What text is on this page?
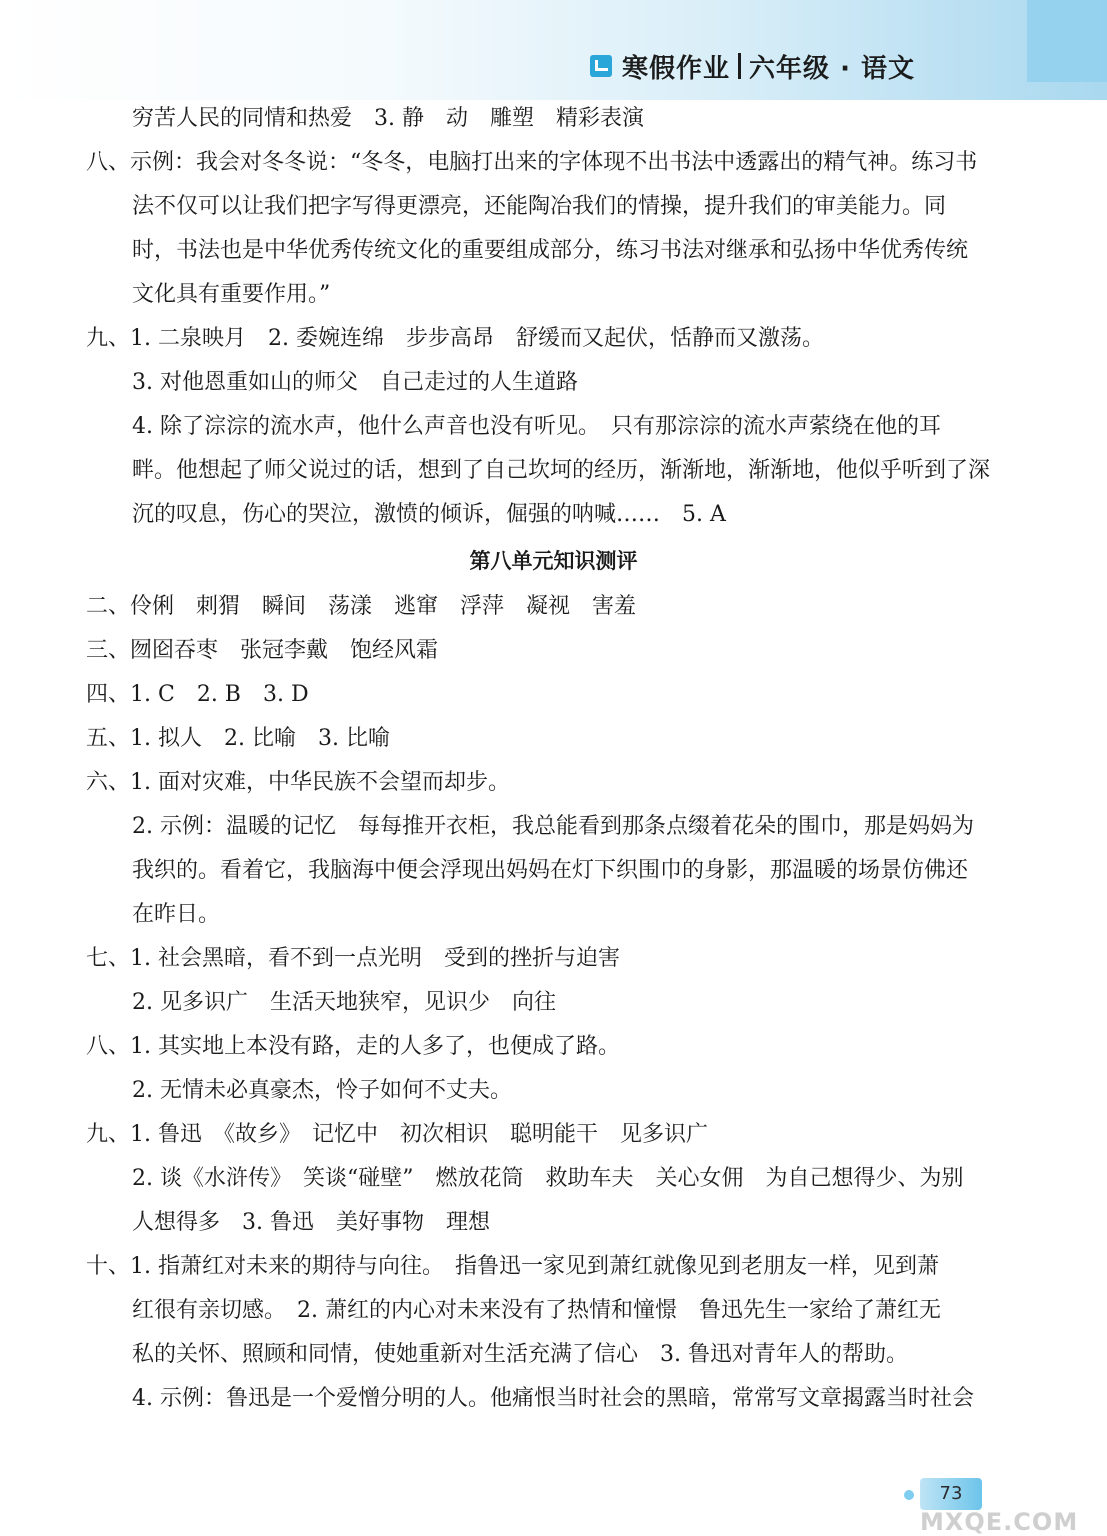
寒假作业 六年级 · 语文
穷苦人民的同情和热爱　3. 静　动　雕塑　精彩表演
八、示例：我会对冬冬说：“冬冬，电脑打出来的字体现不出书法中透露出的精气神。练习书
法不仅可以让我们把字写得更漂亮，还能陶冶我们的情操，提升我们的审美能力。同
时，书法也是中华优秀传统文化的重要组成部分，练习书法对继承和弘扬中华优秀传统
文化具有重要作用。”
九、1. 二泉映月　2. 委婉连绵　步步高昂　舒缓而又起伏，恬静而又激荡。
3. 对他恩重如山的师父　自己走过的人生道路
4. 除了淙淙的流水声，他什么声音也没有听见。　只有那淙淙的流水声萦绕在他的耳
畔。他想起了师父说过的话，想到了自己坎坷的经历，渐渐地，渐渐地，他似乎听到了深
沉的叹息，伤心的哭泣，激愤的倾诉，倔强的呐喊……　5. A
第八单元知识测评
二、伶俐　刺猬　瞬间　荡漾　逃窜　浮萍　凝视　害羞
三、囫囵吞枣　张冠李戴　饱经风霜
四、1. C　2. B　3. D
五、1. 拟人　2. 比喻　3. 比喻
六、1. 面对灾难，中华民族不会望而却步。
2. 示例：温暖的记忆　每每推开衣柜，我总能看到那条点缀着花朵的围巾，那是妈妈为
我织的。看着它，我脑海中便会浮现出妈妈在灯下织围巾的身影，那温暖的场景仿佛还
在昨日。
七、1. 社会黑暗，看不到一点光明　受到的挫折与迫害
2. 见多识广　生活天地狭窄，见识少　向往
八、1. 其实地上本没有路，走的人多了，也便成了路。
2. 无情未必真豪杰，怜子如何不丈夫。
九、1. 鲁迅　《故乡》　记忆中　初次相识　聪明能干　见多识广
2. 谈《水浒传》　笑谈“碰壁”　燃放花筒　救助车夫　关心女佣　为自己想得少、为别
人想得多　3. 鲁迅　美好事物　理想
十、1. 指萧红对未来的期待与向往。　指鲁迅一家见到萧红就像见到老朋友一样，见到萧
红很有亲切感。　2. 萧红的内心对未来没有了热情和憧憬　鲁迅先生一家给了萧红无
私的关怀、照顾和同情，使她重新对生活充满了信心　3. 鲁迅对青年人的帮助。
4. 示例：鲁迅是一个爱憎分明的人。他痛恨当时社会的黑暗，常常写文章揭露当时社会
73
MXQE.COM
